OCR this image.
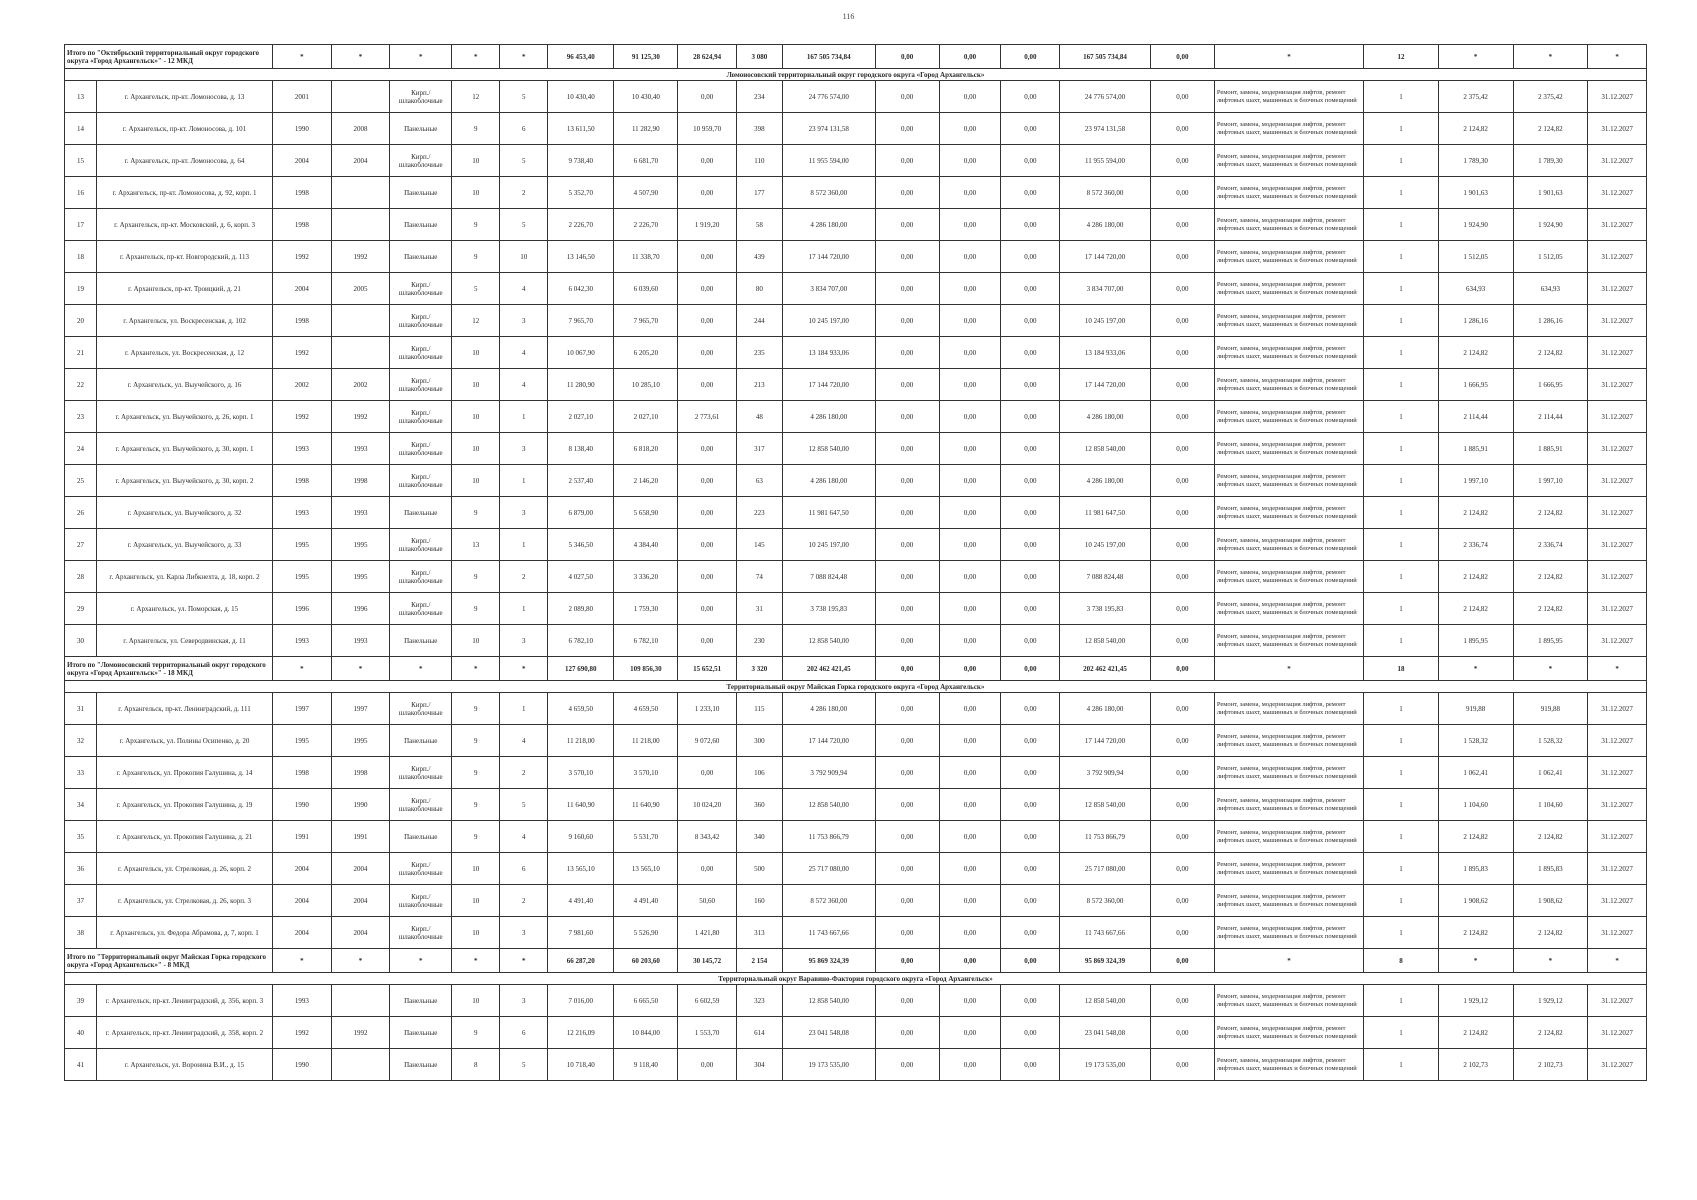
116
Итого по "Октябрьский территориальный округ городского округа «Город Архангельск»" - 12 МКД		*	*	*	*	*	96 453,40	91 125,30	28 624,94	3 080	167 505 734,84	0,00	0,00	0,00	167 505 734,84	0,00	*	12	*	*	*
Ломоносовский территориальный округ городского округа «Город Архангельск»																					
13	г. Архангельск, пр-кт. Ломоносова, д. 13	2001		Кирп./ шлакоблочные	12	5	10 430,40	10 430,40	0,00	234	24 776 574,00	0,00	0,00	0,00	24 776 574,00	0,00	Ремонт, замена, модернизация лифтов, ремонт лифтовых шахт, машинных и блочных помещений	1	2 375,42	2 375,42	31.12.2027
14	г. Архангельск, пр-кт. Ломоносова, д. 101	1990	2008	Панельные	9	6	13 611,50	11 282,90	10 959,70	398	23 974 131,58	0,00	0,00	0,00	23 974 131,58	0,00	Ремонт, замена, модернизация лифтов, ремонт лифтовых шахт, машинных и блочных помещений	1	2 124,82	2 124,82	31.12.2027
15	г. Архангельск, пр-кт. Ломоносова, д. 64	2004	2004	Кирп./ шлакоблочные	10	5	9 738,40	6 681,70	0,00	110	11 955 594,00	0,00	0,00	0,00	11 955 594,00	0,00	Ремонт, замена, модернизация лифтов, ремонт лифтовых шахт, машинных и блочных помещений	1	1 789,30	1 789,30	31.12.2027
16	г. Архангельск, пр-кт. Ломоносова, д. 92, корп. 1	1998		Панельные	10	2	5 352,70	4 507,90	0,00	177	8 572 360,00	0,00	0,00	0,00	8 572 360,00	0,00	Ремонт, замена, модернизация лифтов, ремонт лифтовых шахт, машинных и блочных помещений	1	1 901,63	1 901,63	31.12.2027
17	г. Архангельск, пр-кт. Московский, д. 6, корп. 3	1998		Панельные	9	5	2 226,70	2 226,70	1 919,20	58	4 286 180,00	0,00	0,00	0,00	4 286 180,00	0,00	Ремонт, замена, модернизация лифтов, ремонт лифтовых шахт, машинных и блочных помещений	1	1 924,90	1 924,90	31.12.2027
18	г. Архангельск, пр-кт. Новгородский, д. 113	1992	1992	Панельные	9	10	13 146,50	11 338,70	0,00	439	17 144 720,00	0,00	0,00	0,00	17 144 720,00	0,00	Ремонт, замена, модернизация лифтов, ремонт лифтовых шахт, машинных и блочных помещений	1	1 512,05	1 512,05	31.12.2027
19	г. Архангельск, пр-кт. Троицкий, д. 21	2004	2005	Кирп./ шлакоблочные	5	4	6 042,30	6 039,60	0,00	80	3 834 707,00	0,00	0,00	0,00	3 834 707,00	0,00	Ремонт, замена, модернизация лифтов, ремонт лифтовых шахт, машинных и блочных помещений	1	634,93	634,93	31.12.2027
20	г. Архангельск, ул. Воскресенская, д. 102	1998		Кирп./ шлакоблочные	12	3	7 965,70	7 965,70	0,00	244	10 245 197,00	0,00	0,00	0,00	10 245 197,00	0,00	Ремонт, замена, модернизация лифтов, ремонт лифтовых шахт, машинных и блочных помещений	1	1 286,16	1 286,16	31.12.2027
21	г. Архангельск, ул. Воскресенская, д. 12	1992		Кирп./ шлакоблочные	10	4	10 067,90	6 205,20	0,00	235	13 184 933,06	0,00	0,00	0,00	13 184 933,06	0,00	Ремонт, замена, модернизация лифтов, ремонт лифтовых шахт, машинных и блочных помещений	1	2 124,82	2 124,82	31.12.2027
22	г. Архангельск, ул. Выучейского, д. 16	2002	2002	Кирп./ шлакоблочные	10	4	11 280,90	10 285,10	0,00	213	17 144 720,00	0,00	0,00	0,00	17 144 720,00	0,00	Ремонт, замена, модернизация лифтов, ремонт лифтовых шахт, машинных и блочных помещений	1	1 666,95	1 666,95	31.12.2027
23	г. Архангельск, ул. Выучейского, д. 26, корп. 1	1992	1992	Кирп./ шлакоблочные	10	1	2 027,10	2 027,10	2 773,61	48	4 286 180,00	0,00	0,00	0,00	4 286 180,00	0,00	Ремонт, замена, модернизация лифтов, ремонт лифтовых шахт, машинных и блочных помещений	1	2 114,44	2 114,44	31.12.2027
24	г. Архангельск, ул. Выучейского, д. 30, корп. 1	1993	1993	Кирп./ шлакоблочные	10	3	8 138,40	6 818,20	0,00	317	12 858 540,00	0,00	0,00	0,00	12 858 540,00	0,00	Ремонт, замена, модернизация лифтов, ремонт лифтовых шахт, машинных и блочных помещений	1	1 885,91	1 885,91	31.12.2027
25	г. Архангельск, ул. Выучейского, д. 30, корп. 2	1998	1998	Кирп./ шлакоблочные	10	1	2 537,40	2 146,20	0,00	63	4 286 180,00	0,00	0,00	0,00	4 286 180,00	0,00	Ремонт, замена, модернизация лифтов, ремонт лифтовых шахт, машинных и блочных помещений	1	1 997,10	1 997,10	31.12.2027
26	г. Архангельск, ул. Выучейского, д. 32	1993	1993	Панельные	9	3	6 879,00	5 658,90	0,00	223	11 981 647,50	0,00	0,00	0,00	11 981 647,50	0,00	Ремонт, замена, модернизация лифтов, ремонт лифтовых шахт, машинных и блочных помещений	1	2 124,82	2 124,82	31.12.2027
27	г. Архангельск, ул. Выучейского, д. 33	1995	1995	Кирп./ шлакоблочные	13	1	5 346,50	4 384,40	0,00	145	10 245 197,00	0,00	0,00	0,00	10 245 197,00	0,00	Ремонт, замена, модернизация лифтов, ремонт лифтовых шахт, машинных и блочных помещений	1	2 336,74	2 336,74	31.12.2027
28	г. Архангельск, ул. Карла Либкнехта, д. 18, корп. 2	1995	1995	Кирп./ шлакоблочные	9	2	4 027,50	3 336,20	0,00	74	7 088 824,48	0,00	0,00	0,00	7 088 824,48	0,00	Ремонт, замена, модернизация лифтов, ремонт лифтовых шахт, машинных и блочных помещений	1	2 124,82	2 124,82	31.12.2027
29	г. Архангельск, ул. Поморская, д. 15	1996	1996	Кирп./ шлакоблочные	9	1	2 089,80	1 759,30	0,00	31	3 738 195,83	0,00	0,00	0,00	3 738 195,83	0,00	Ремонт, замена, модернизация лифтов, ремонт лифтовых шахт, машинных и блочных помещений	1	2 124,82	2 124,82	31.12.2027
30	г. Архангельск, ул. Северодвинская, д. 11	1993	1993	Панельные	10	3	6 782,10	6 782,10	0,00	230	12 858 540,00	0,00	0,00	0,00	12 858 540,00	0,00	Ремонт, замена, модернизация лифтов, ремонт лифтовых шахт, машинных и блочных помещений	1	1 895,95	1 895,95	31.12.2027
Итого по "Ломоносовский территориальный округ городского округа «Город Архангельск»" - 18 МКД		*	*	*	*	*	127 690,80	109 856,30	15 652,51	3 320	202 462 421,45	0,00	0,00	0,00	202 462 421,45	0,00	*	18	*	*	*
Территориальный округ Майская Горка городского округа «Город Архангельск»																					
31	г. Архангельск, пр-кт. Ленинградский, д. 111	1997	1997	Кирп./ шлакоблочные	9	1	4 659,50	4 659,50	1 233,10	115	4 286 180,00	0,00	0,00	0,00	4 286 180,00	0,00	Ремонт, замена, модернизация лифтов, ремонт лифтовых шахт, машинных и блочных помещений	1	919,88	919,88	31.12.2027
32	г. Архангельск, ул. Полины Осипенко, д. 20	1995	1995	Панельные	9	4	11 218,00	11 218,00	9 072,60	300	17 144 720,00	0,00	0,00	0,00	17 144 720,00	0,00	Ремонт, замена, модернизация лифтов, ремонт лифтовых шахт, машинных и блочных помещений	1	1 528,32	1 528,32	31.12.2027
33	г. Архангельск, ул. Прокопия Галушина, д. 14	1998	1998	Кирп./ шлакоблочные	9	2	3 570,10	3 570,10	0,00	106	3 792 909,94	0,00	0,00	0,00	3 792 909,94	0,00	Ремонт, замена, модернизация лифтов, ремонт лифтовых шахт, машинных и блочных помещений	1	1 062,41	1 062,41	31.12.2027
34	г. Архангельск, ул. Прокопия Галушина, д. 19	1990	1990	Кирп./ шлакоблочные	9	5	11 640,90	11 640,90	10 024,20	360	12 858 540,00	0,00	0,00	0,00	12 858 540,00	0,00	Ремонт, замена, модернизация лифтов, ремонт лифтовых шахт, машинных и блочных помещений	1	1 104,60	1 104,60	31.12.2027
35	г. Архангельск, ул. Прокопия Галушина, д. 21	1991	1991	Панельные	9	4	9 160,60	5 531,70	8 343,42	340	11 753 866,79	0,00	0,00	0,00	11 753 866,79	0,00	Ремонт, замена, модернизация лифтов, ремонт лифтовых шахт, машинных и блочных помещений	1	2 124,82	2 124,82	31.12.2027
36	г. Архангельск, ул. Стрелковая, д. 26, корп. 2	2004	2004	Кирп./ шлакоблочные	10	6	13 565,10	13 565,10	0,00	500	25 717 080,00	0,00	0,00	0,00	25 717 080,00	0,00	Ремонт, замена, модернизация лифтов, ремонт лифтовых шахт, машинных и блочных помещений	1	1 895,83	1 895,83	31.12.2027
37	г. Архангельск, ул. Стрелковая, д. 26, корп. 3	2004	2004	Кирп./ шлакоблочные	10	2	4 491,40	4 491,40	50,60	160	8 572 360,00	0,00	0,00	0,00	8 572 360,00	0,00	Ремонт, замена, модернизация лифтов, ремонт лифтовых шахт, машинных и блочных помещений	1	1 908,62	1 908,62	31.12.2027
38	г. Архангельск, ул. Федора Абрамова, д. 7, корп. 1	2004	2004	Кирп./ шлакоблочные	10	3	7 981,60	5 526,90	1 421,80	313	11 743 667,66	0,00	0,00	0,00	11 743 667,66	0,00	Ремонт, замена, модернизация лифтов, ремонт лифтовых шахт, машинных и блочных помещений	1	2 124,82	2 124,82	31.12.2027
Итого по "Территориальный округ Майская Горка городского округа «Город Архангельск»" - 8 МКД		*	*	*	*	*	66 287,20	60 203,60	30 145,72	2 154	95 869 324,39	0,00	0,00	0,00	95 869 324,39	0,00	*	8	*	*	*
Территориальный округ Варавино-Фактория городского округа «Город Архангельск»																					
39	г. Архангельск, пр-кт. Ленинградский, д. 356, корп. 3	1993		Панельные	10	3	7 016,00	6 665,50	6 602,59	323	12 858 540,00	0,00	0,00	0,00	12 858 540,00	0,00	Ремонт, замена, модернизация лифтов, ремонт лифтовых шахт, машинных и блочных помещений	1	1 929,12	1 929,12	31.12.2027
40	г. Архангельск, пр-кт. Ленинградский, д. 358, корп. 2	1992	1992	Панельные	9	6	12 216,09	10 844,00	1 553,70	614	23 041 548,08	0,00	0,00	0,00	23 041 548,08	0,00	Ремонт, замена, модернизация лифтов, ремонт лифтовых шахт, машинных и блочных помещений	1	2 124,82	2 124,82	31.12.2027
41	г. Архангельск, ул. Воронина В.И., д. 15	1990		Панельные	8	5	10 718,40	9 118,40	0,00	304	19 173 535,00	0,00	0,00	0,00	19 173 535,00	0,00	Ремонт, замена, модернизация лифтов, ремонт лифтовых шахт, машинных и блочных помещений	1	2 102,73	2 102,73	31.12.2027
